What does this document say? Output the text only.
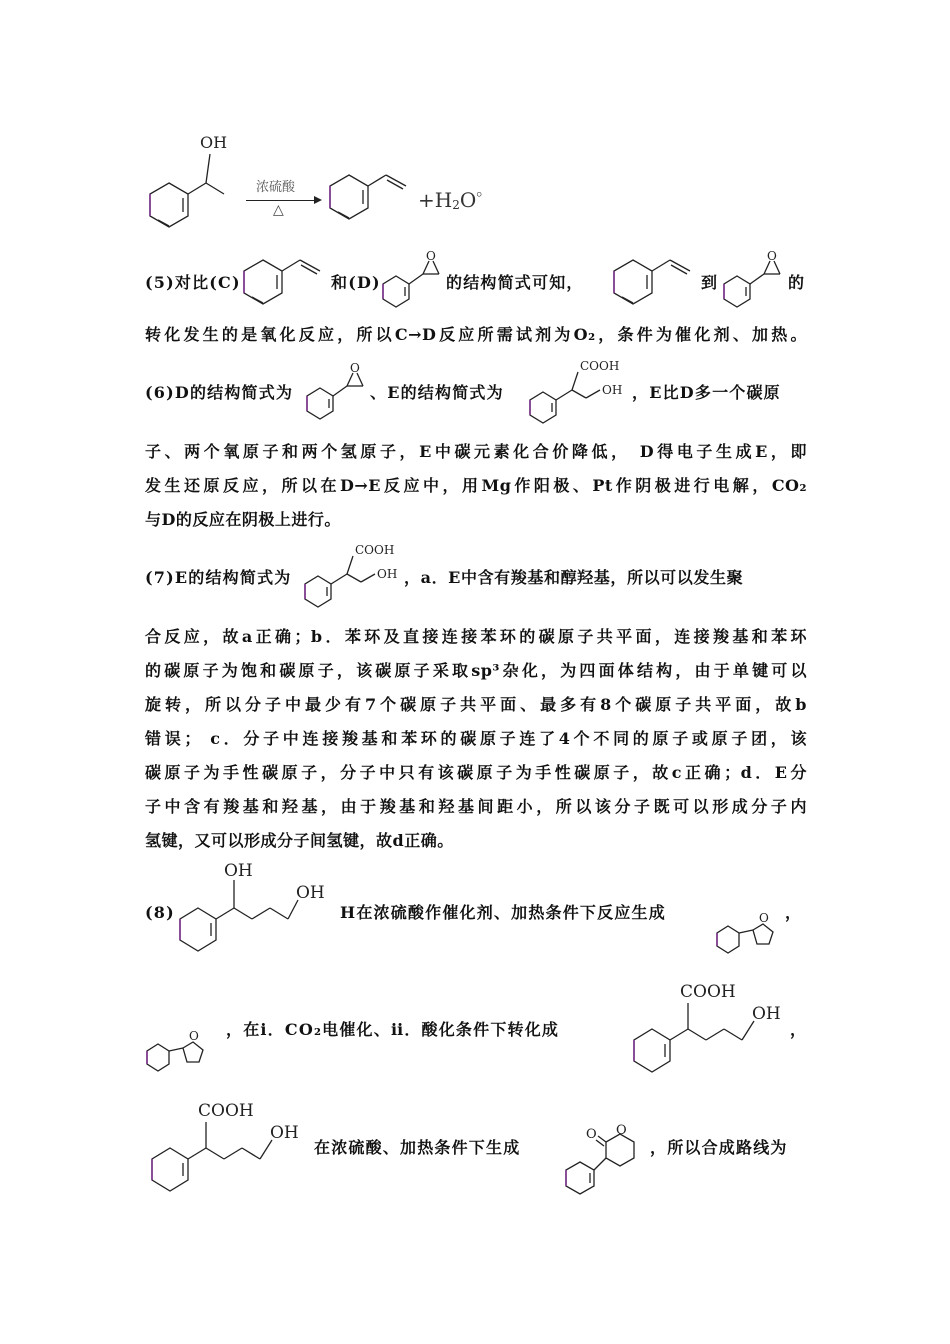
OH
浓硫酸
△	$+H_2O^。$
(5)对比(C)	和(D)
O
的结构简式可知，	到
O
的
转化发生的是氧化反应，所以C→D反应所需试剂为O₂，条件为催化剂、加热。
(6)D的结构简式为
O
、E的结构简式为
COOH
OH ，E比D多一个碳原
子、两个氧原子和两个氢原子，E中碳元素化合价降低， D得电子生成E，即
发生还原反应，所以在D→E反应中，用Mg作阳极、Pt作阴极进行电解，CO₂
与D的反应在阴极上进行。
(7)E的结构简式为
COOH
OH ，a．E中含有羧基和醇羟基，所以可以发生聚
合反应，故a正确；b．苯环及直接连接苯环的碳原子共平面，连接羧基和苯环
的碳原子为饱和碳原子，该碳原子采取sp³杂化，为四面体结构，由于单键可以
旋转，所以分子中最少有7个碳原子共平面、最多有8个碳原子共平面，故b
错误； c．分子中连接羧基和苯环的碳原子连了4个不同的原子或原子团，该
碳原子为手性碳原子，分子中只有该碳原子为手性碳原子，故c正确；d．E分
子中含有羧基和羟基，由于羧基和羟基间距小，所以该分子既可以形成分子内
氢键，又可以形成分子间氢键，故d正确。
(8)
OH
OH
H在浓硫酸作催化剂、加热条件下反应生成	O ，
O ，在ⅰ．CO₂电催化、ⅱ．酸化条件下转化成
COOH
OH
，
COOH
OH
在浓硫酸、加热条件下生成
O O
，所以合成路线为
